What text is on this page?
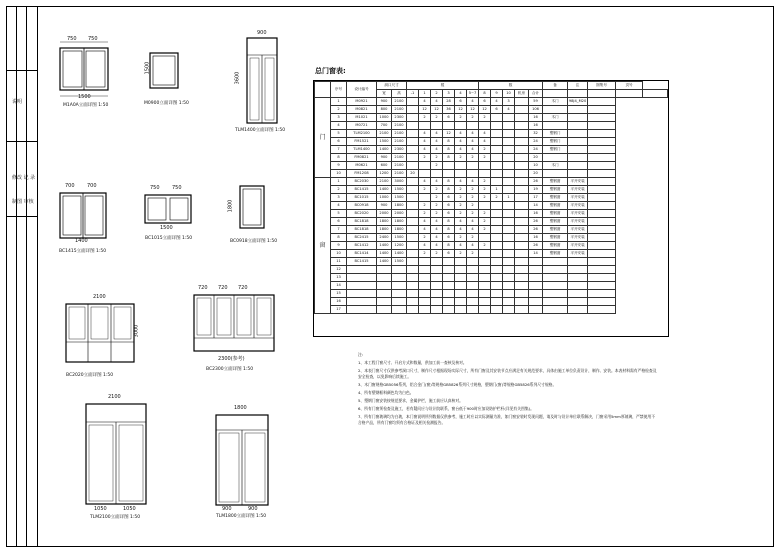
说明
修改 记 录
制图 审核
750 750
1500
M1A0A立面详图 1:50
1500
M0900立面详图 1:50
900
3600
TLM1400立面详图 1:50
700 700
1400
BC1415立面详图 1:50
750 750
1500
BC1015立面详图 1:50
1800
BC0918立面详图 1:50
2100
3000
BC2020立面详图 1:50
720 720 720
2300(参考)
BC2300立面详图 1:50
2100
1050	1050
TLM2100立面详图 1:50
1800
900	900
TLM1800立面详图 1:50
总门窗表:
	序号	设计编号	洞口尺寸		樘						数					备	注	图集号	页号	
			宽	高	-1	1	2	3	4	5~7	8	9	10	机房	合计					
门	1	M0921	900	2100		4	4	28	6	4	6	4	3		59	木门	98J4_M20			
	2	M0821	800	2100		12	12	36	12	12	12	6	4		106					
	3	M1021	1000	2300		2	2	6	2	2	2				16	木门				
	4	M0721	700	2100											16					
	5	TLM2100	2100	2100		4	4	12	4	4	4				32	塑钢门				
	6	FM1521	1500	2100		4	4	8	4	4	4				24	塑钢门				
	7	TLM1400	1400	2300		4	4	8	4	4	2				24	塑钢门				
	8	FM0821	900	2100		2	2	8	2	2	2				20					
	9	M0621	600	2100			2								10	木门				
	10	FM1208	1200	2100	20										20					
窗	1	BC2030	2100	3000		4	4	8	4	4	2				26	塑钢窗	平开安装			
	2	BC1415	1400	1500		2	2	8	2	2	2	1			19	塑钢窗	平开安装			
	3	BC1015	1000	1500			2	6	2	2	2	2	1		17	塑钢窗	平开安装			
	4	BC0918	900	1800		2	2	6	2	2					14	塑钢窗	平开安装			
	5	BC2020	2000	2000		2	2	6	2	2	2				16	塑钢窗	平开安装			
	6	BC1818	1800	1800		4	4	8	4	4	2				26	塑钢窗	平开安装			
	7	BC1818	1800	1800		4	4	8	4	4	2				26	塑钢窗	平开安装			
	8	BC2415	2400	1500		2	4	6	2	2					16	塑钢窗	平开安装			
	9	BC1412	1400	1200		4	4	8	4	4	2				26	塑钢窗	平开安装			
	10	BC1414	1400	1400		2	2	6	2	2					14	塑钢窗	平开安装			
	11	BC1415	1400	1500																
	12																			
	13																			
	14																			
	15																			
	16																			
	17																			
注:
1、本工程门窗尺寸、开启方式和数量，供加工前一查核及核对。
2、本表门窗尺寸仅供参考洞口尺寸，制作尺寸根据现场实际尺寸，所有门窗及其安装节点应满足有关规范要求，具体由施工单位负责设计，制作、安装。本表材料需有严格检查及安全检查，以免影响后续施工。
3、木门窗规格GB5056系列，铝合金门(窗)等规格GB5826系列尺寸规格，塑钢门(窗)等规格GB5826系列尺寸规格。
4、所有塑钢框料颜色均为白色。
5、塑钢门窗安装按规范要求，金属护栏，施工前应认真核对。
6、所有门窗须检查及施工，若有疑问应与设计院联系，窗台低于900时应加设防护栏杆(详见有关图集)。
7、所有门窗玻璃均为白玻，本门窗说明所列数据仅供参考，施工时应以实际测量为准，如门窗安装时发现问题，请及时与设计单位联系解决，门窗采用5mm厚玻璃，严禁使用不合格产品，所有门窗均须有合格证及相关检测报告。
